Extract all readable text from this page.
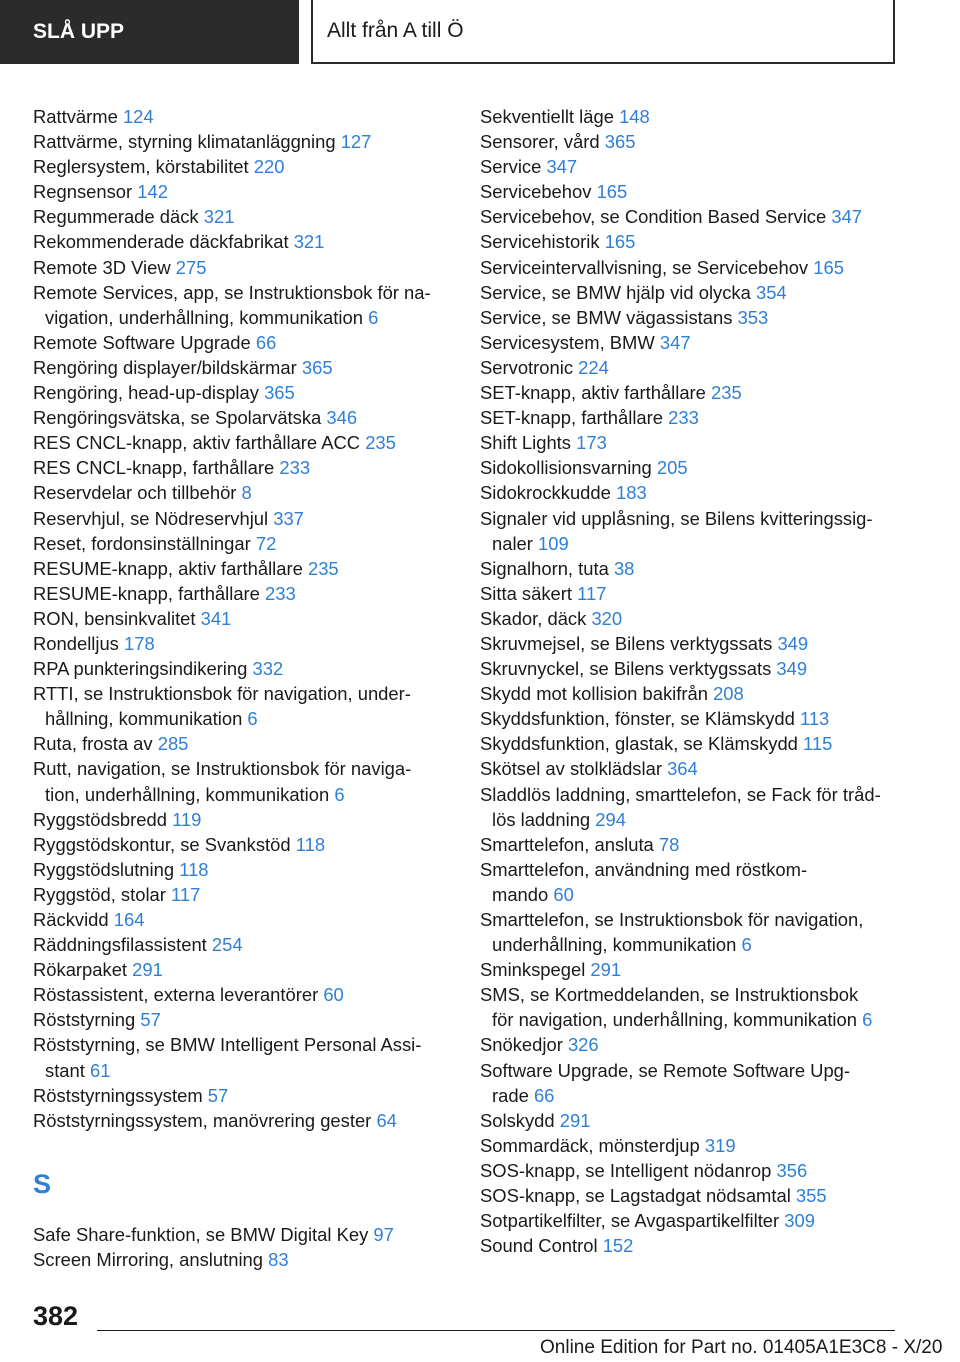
SLÅ UPP	Allt från A till Ö
Rattvärme 124
Rattvärme, styrning klimatanläggning 127
Reglersystem, körstabilitet 220
Regnsensor 142
Regummerade däck 321
Rekommenderade däckfabrikat 321
Remote 3D View 275
Remote Services, app, se Instruktionsbok för na-
vigation, underhållning, kommunikation 6
Remote Software Upgrade 66
Rengöring displayer/bildskärmar 365
Rengöring, head-up-display 365
Rengöringsvätska, se Spolarvätska 346
RES CNCL-knapp, aktiv farthållare ACC 235
RES CNCL-knapp, farthållare 233
Reservdelar och tillbehör 8
Reservhjul, se Nödreservhjul 337
Reset, fordonsinställningar 72
RESUME-knapp, aktiv farthållare 235
RESUME-knapp, farthållare 233
RON, bensinkvalitet 341
Rondelljus 178
RPA punkteringsindikering 332
RTTI, se Instruktionsbok för navigation, under-
hållning, kommunikation 6
Ruta, frosta av 285
Rutt, navigation, se Instruktionsbok för naviga-
tion, underhållning, kommunikation 6
Ryggstödsbredd 119
Ryggstödskontur, se Svankstöd 118
Ryggstödslutning 118
Ryggstöd, stolar 117
Räckvidd 164
Räddningsfilassistent 254
Rökarpaket 291
Röstassistent, externa leverantörer 60
Röststyrning 57
Röststyrning, se BMW Intelligent Personal Assi-
stant 61
Röststyrningssystem 57
Röststyrningssystem, manövrering gester 64
S
Safe Share-funktion, se BMW Digital Key 97
Screen Mirroring, anslutning 83
Sekventiellt läge 148
Sensorer, vård 365
Service 347
Servicebehov 165
Servicebehov, se Condition Based Service 347
Servicehistorik 165
Serviceintervallvisning, se Servicebehov 165
Service, se BMW hjälp vid olycka 354
Service, se BMW vägassistans 353
Servicesystem, BMW 347
Servotronic 224
SET-knapp, aktiv farthållare 235
SET-knapp, farthållare 233
Shift Lights 173
Sidokollisionsvarning 205
Sidokrockkudde 183
Signaler vid upplåsning, se Bilens kvitteringssig-
naler 109
Signalhorn, tuta 38
Sitta säkert 117
Skador, däck 320
Skruvmejsel, se Bilens verktygssats 349
Skruvnyckel, se Bilens verktygssats 349
Skydd mot kollision bakifrån 208
Skyddsfunktion, fönster, se Klämskydd 113
Skyddsfunktion, glastak, se Klämskydd 115
Skötsel av stolklädslar 364
Sladdlös laddning, smarttelefon, se Fack för tråd-
lös laddning 294
Smarttelefon, ansluta 78
Smarttelefon, användning med röstkom-
mando 60
Smarttelefon, se Instruktionsbok för navigation,
underhållning, kommunikation 6
Sminkspegel 291
SMS, se Kortmeddelanden, se Instruktionsbok
för navigation, underhållning, kommunikation 6
Snökedjor 326
Software Upgrade, se Remote Software Upg-
rade 66
Solskydd 291
Sommardäck, mönsterdjup 319
SOS-knapp, se Intelligent nödanrop 356
SOS-knapp, se Lagstadgat nödsamtal 355
Sotpartikelfilter, se Avgaspartikelfilter 309
Sound Control 152
382
Online Edition for Part no. 01405A1E3C8 - X/20
